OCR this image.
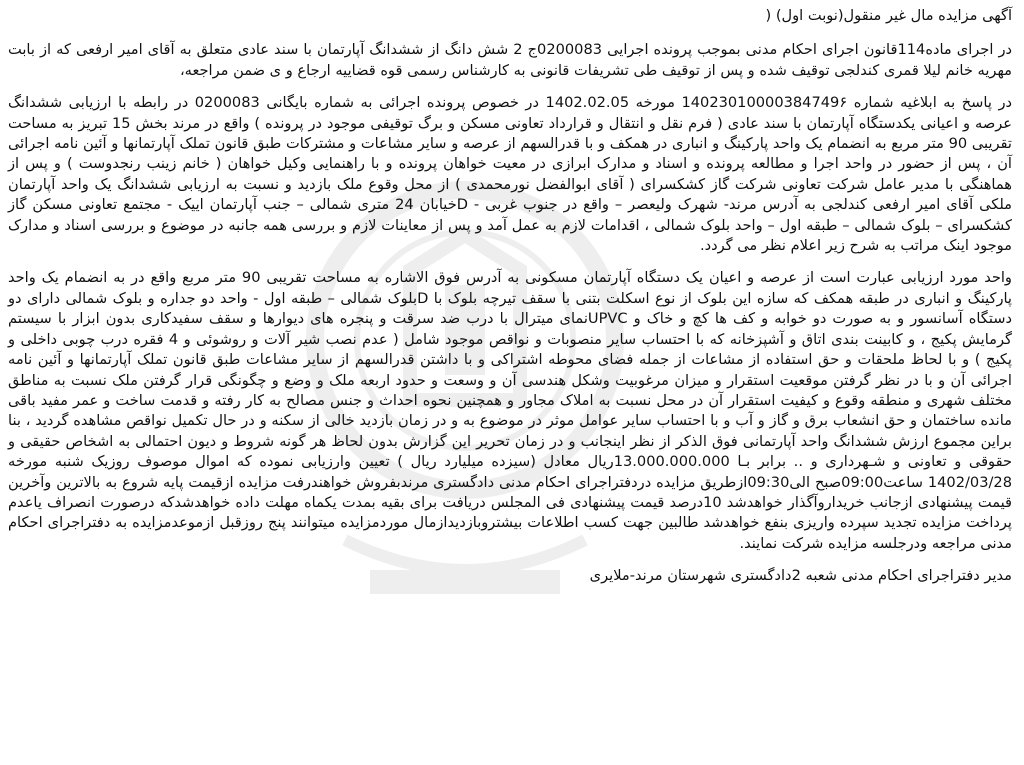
آگهی مزایده مال غیر منقول(نوبت اول) (

در اجرای ماده114قانون اجرای احکام مدنی بموجب پرونده اجرایی 0200083ج 2 شش دانگ از ششدانگ آپارتمان با سند عادی متعلق به آقای امیر ارفعی که از بابت مهریه خانم لیلا قمری کندلجی توقیف شده و پس از توقیف طی تشریفات قانونی به کارشناس رسمی قوه قضاییه ارجاع و ی ضمن مراجعه،

در پاسخ به ابلاغیه شماره 14023010000384749۶ مورخه 1402.02.05 در خصوص پرونده اجرائی به شماره بایگانی 0200083 در رابطه با ارزیابی ششدانگ عرصه و اعیانی یکدستگاه آپارتمان با سند عادی ( فرم نقل و انتقال و قرارداد تعاونی مسکن و برگ توقیفی موجود در پرونده ) واقع در مرند بخش 15 تبریز به مساحت تقریبی 90 متر مربع به انضمام یک واحد پارکینگ و انباری در همکف و با قدرالسهم از عرصه و سایر مشاعات و مشترکات طبق قانون تملک آپارتمانها و آئین نامه اجرائی آن ، پس از حضور در واحد اجرا و مطالعه پرونده و اسناد و مدارک ابرازی در معیت خواهان پرونده و با راهنمایی وکیل خواهان ( خانم زینب رنجدوست ) و پس از هماهنگی با مدیر عامل شرکت تعاونی شرکت گاز کشکسرای ( آقای ابوالفضل نورمحمدی ) از محل وقوع ملک بازدید و نسبت به ارزیابی ششدانگ یک واحد آپارتمان ملکی آقای امیر ارفعی کندلجی به آدرس مرند- شهرک ولیعصر – واقع در جنوب غربی - Dخیابان 24 متری شمالی – جنب آپارتمان اییک - مجتمع تعاونی مسکن گاز کشکسرای – بلوک شمالی – طبقه اول – واحد بلوک شمالی ، اقدامات لازم به عمل آمد و پس از معاینات لازم و بررسی همه جانبه در موضوع و بررسی اسناد و مدارک موجود اینک مراتب به شرح زیر اعلام نظر می گردد.

واحد مورد ارزیابی عبارت است از عرصه و اعیان یک دستگاه آپارتمان مسکونی به آدرس فوق الاشاره به مساحت تقریبی 90 متر مربع واقع در به انضمام یک واحد پارکینگ و انباری در طبقه همکف که سازه این بلوک از نوع اسکلت بتنی با سقف تیرچه بلوک با Dبلوک شمالی – طبقه اول - واحد دو جداره و بلوک شمالی دارای دو دستگاه آسانسور و به صورت دو خوابه و کف ها کچ و خاک و UPVCنمای میترال با درب ضد سرقت و پنجره های دیوارها و سقف سفیدکاری بدون ابزار با سیستم گرمایش پکیج ، و کابینت بندی اتاق و آشپزخانه که با احتساب سایر منصوبات و نواقص موجود شامل ( عدم نصب شیر آلات و روشوئی و 4 فقره درب چوبی داخلی و پکیج ) و با لحاظ ملحقات و حق استفاده از مشاعات از جمله فضای محوطه اشتراکی و با داشتن قدرالسهم از سایر مشاعات طبق قانون تملک آپارتمانها و آئین نامه اجرائی آن و با در نظر گرفتن موقعیت استقرار و میزان مرغوبیت وشکل هندسی آن و وسعت و حدود اربعه ملک و وضع و چگونگی قرار گرفتن ملک نسبت به مناطق مختلف شهری و منطقه وقوع و کیفیت استقرار آن در محل نسبت به املاک مجاور و همچنین نحوه احداث و جنس مصالح به کار رفته و قدمت ساخت و عمر مفید باقی مانده ساختمان و حق انشعاب برق و گاز و آب و با احتساب سایر عوامل موثر در موضوع به و در زمان بازدید خالی از سکنه و در حال تکمیل نواقص مشاهده گردید ، بنا براین مجموع ارزش ششدانگ واحد آپارتمانی فوق الذکر از نظر اینجانب و در زمان تحریر این گزارش بدون لحاظ هر گونه شروط و دیون احتمالی به اشخاص حقیقی و حقوقی و تعاونی و شـهرداری و .. برابر بـا 13.000.000.000ریال معادل (سیزده میلیارد ریال ) تعیین وارزیابی نموده که اموال موصوف روزیک شنبه مورخه 1402/03/28 ساعت09:00صبح الی09:30ازطریق مزایده دردفتراجرای احکام مدنی دادگستری مرندبفروش خواهندرفت مزایده ازقیمت پایه شروع به بالاترین وآخرین قیمت پیشنهادی ازجانب خریداروآگذار خواهدشد 10درصد قیمت پیشنهادی فی المجلس دریافت برای بقیه بمدت یکماه مهلت داده خواهدشدکه درصورت انصراف یاعدم پرداخت مزایده تجدید سپرده واریزی بنفع خواهدشد طالبین جهت کسب اطلاعات بیشتروبازدیدازمال موردمزایده میتوانند پنج روزقبل ازموعدمزایده به دفتراجرای احکام مدنی مراجعه ودرجلسه مزایده شرکت نمایند.

مدیر دفتراجرای احکام مدنی شعبه 2دادگستری شهرستان مرند-ملایری
